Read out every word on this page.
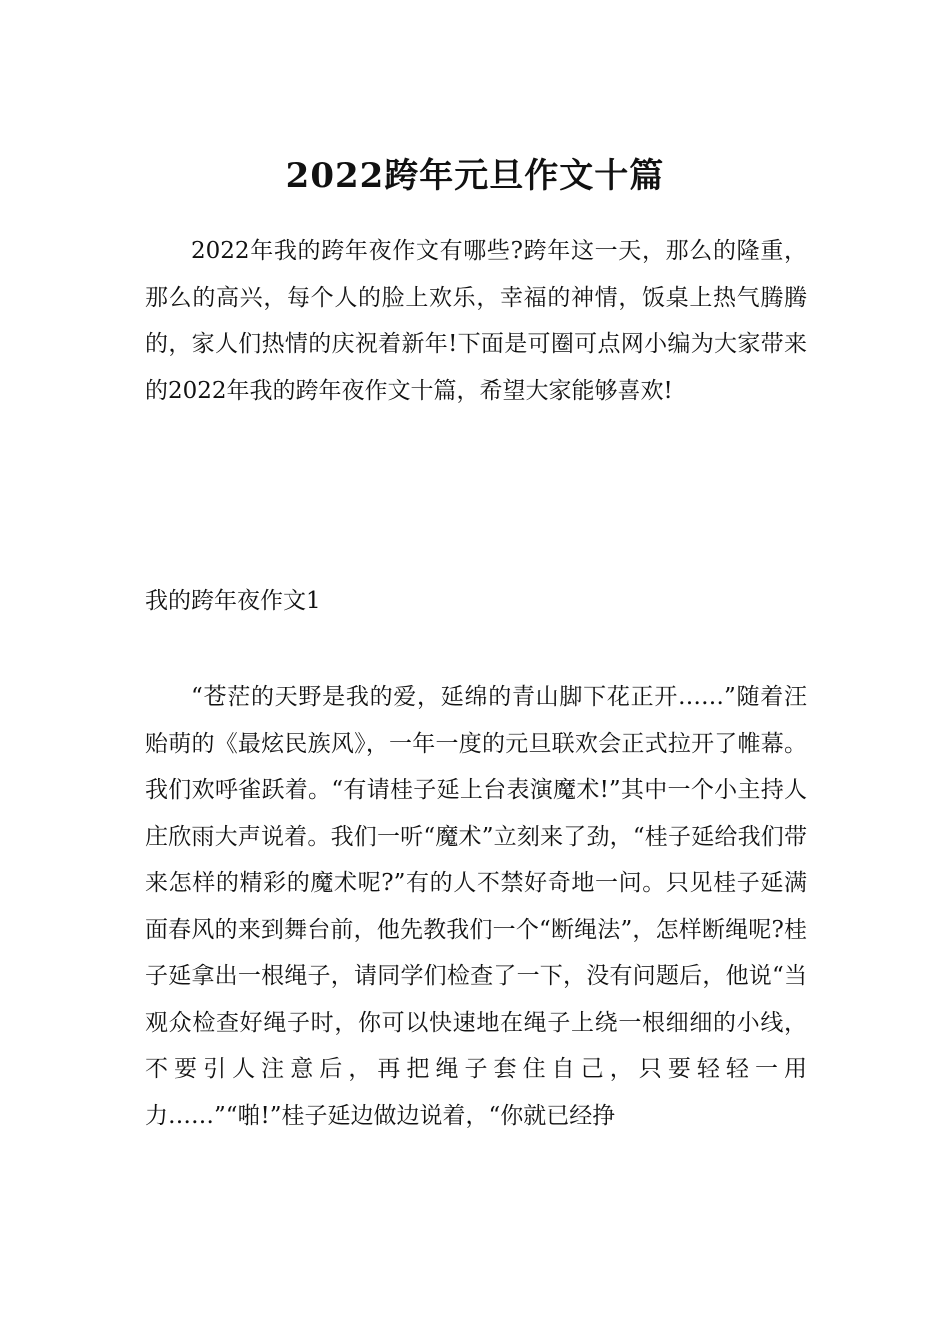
2022跨年元旦作文十篇

2022年我的跨年夜作文有哪些?跨年这一天，那么的隆重，那么的高兴，每个人的脸上欢乐，幸福的神情，饭桌上热气腾腾的，家人们热情的庆祝着新年!下面是可圈可点网小编为大家带来的2022年我的跨年夜作文十篇，希望大家能够喜欢!

我的跨年夜作文1

“苍茫的天野是我的爱，延绵的青山脚下花正开……”随着汪贻萌的《最炫民族风》，一年一度的元旦联欢会正式拉开了帷幕。我们欢呼雀跃着。“有请桂子延上台表演魔术!”其中一个小主持人庄欣雨大声说着。我们一听“魔术”立刻来了劲，“桂子延给我们带来怎样的精彩的魔术呢?”有的人不禁好奇地一问。只见桂子延满面春风的来到舞台前，他先教我们一个“断绳法”，怎样断绳呢?桂子延拿出一根绳子，请同学们检查了一下，没有问题后，他说“当观众检查好绳子时，你可以快速地在绳子上绕一根细细的小线，不要引人注意后，再把绳子套住自己，只要轻轻一用力……”“啪!”桂子延边做边说着，“你就已经挣
